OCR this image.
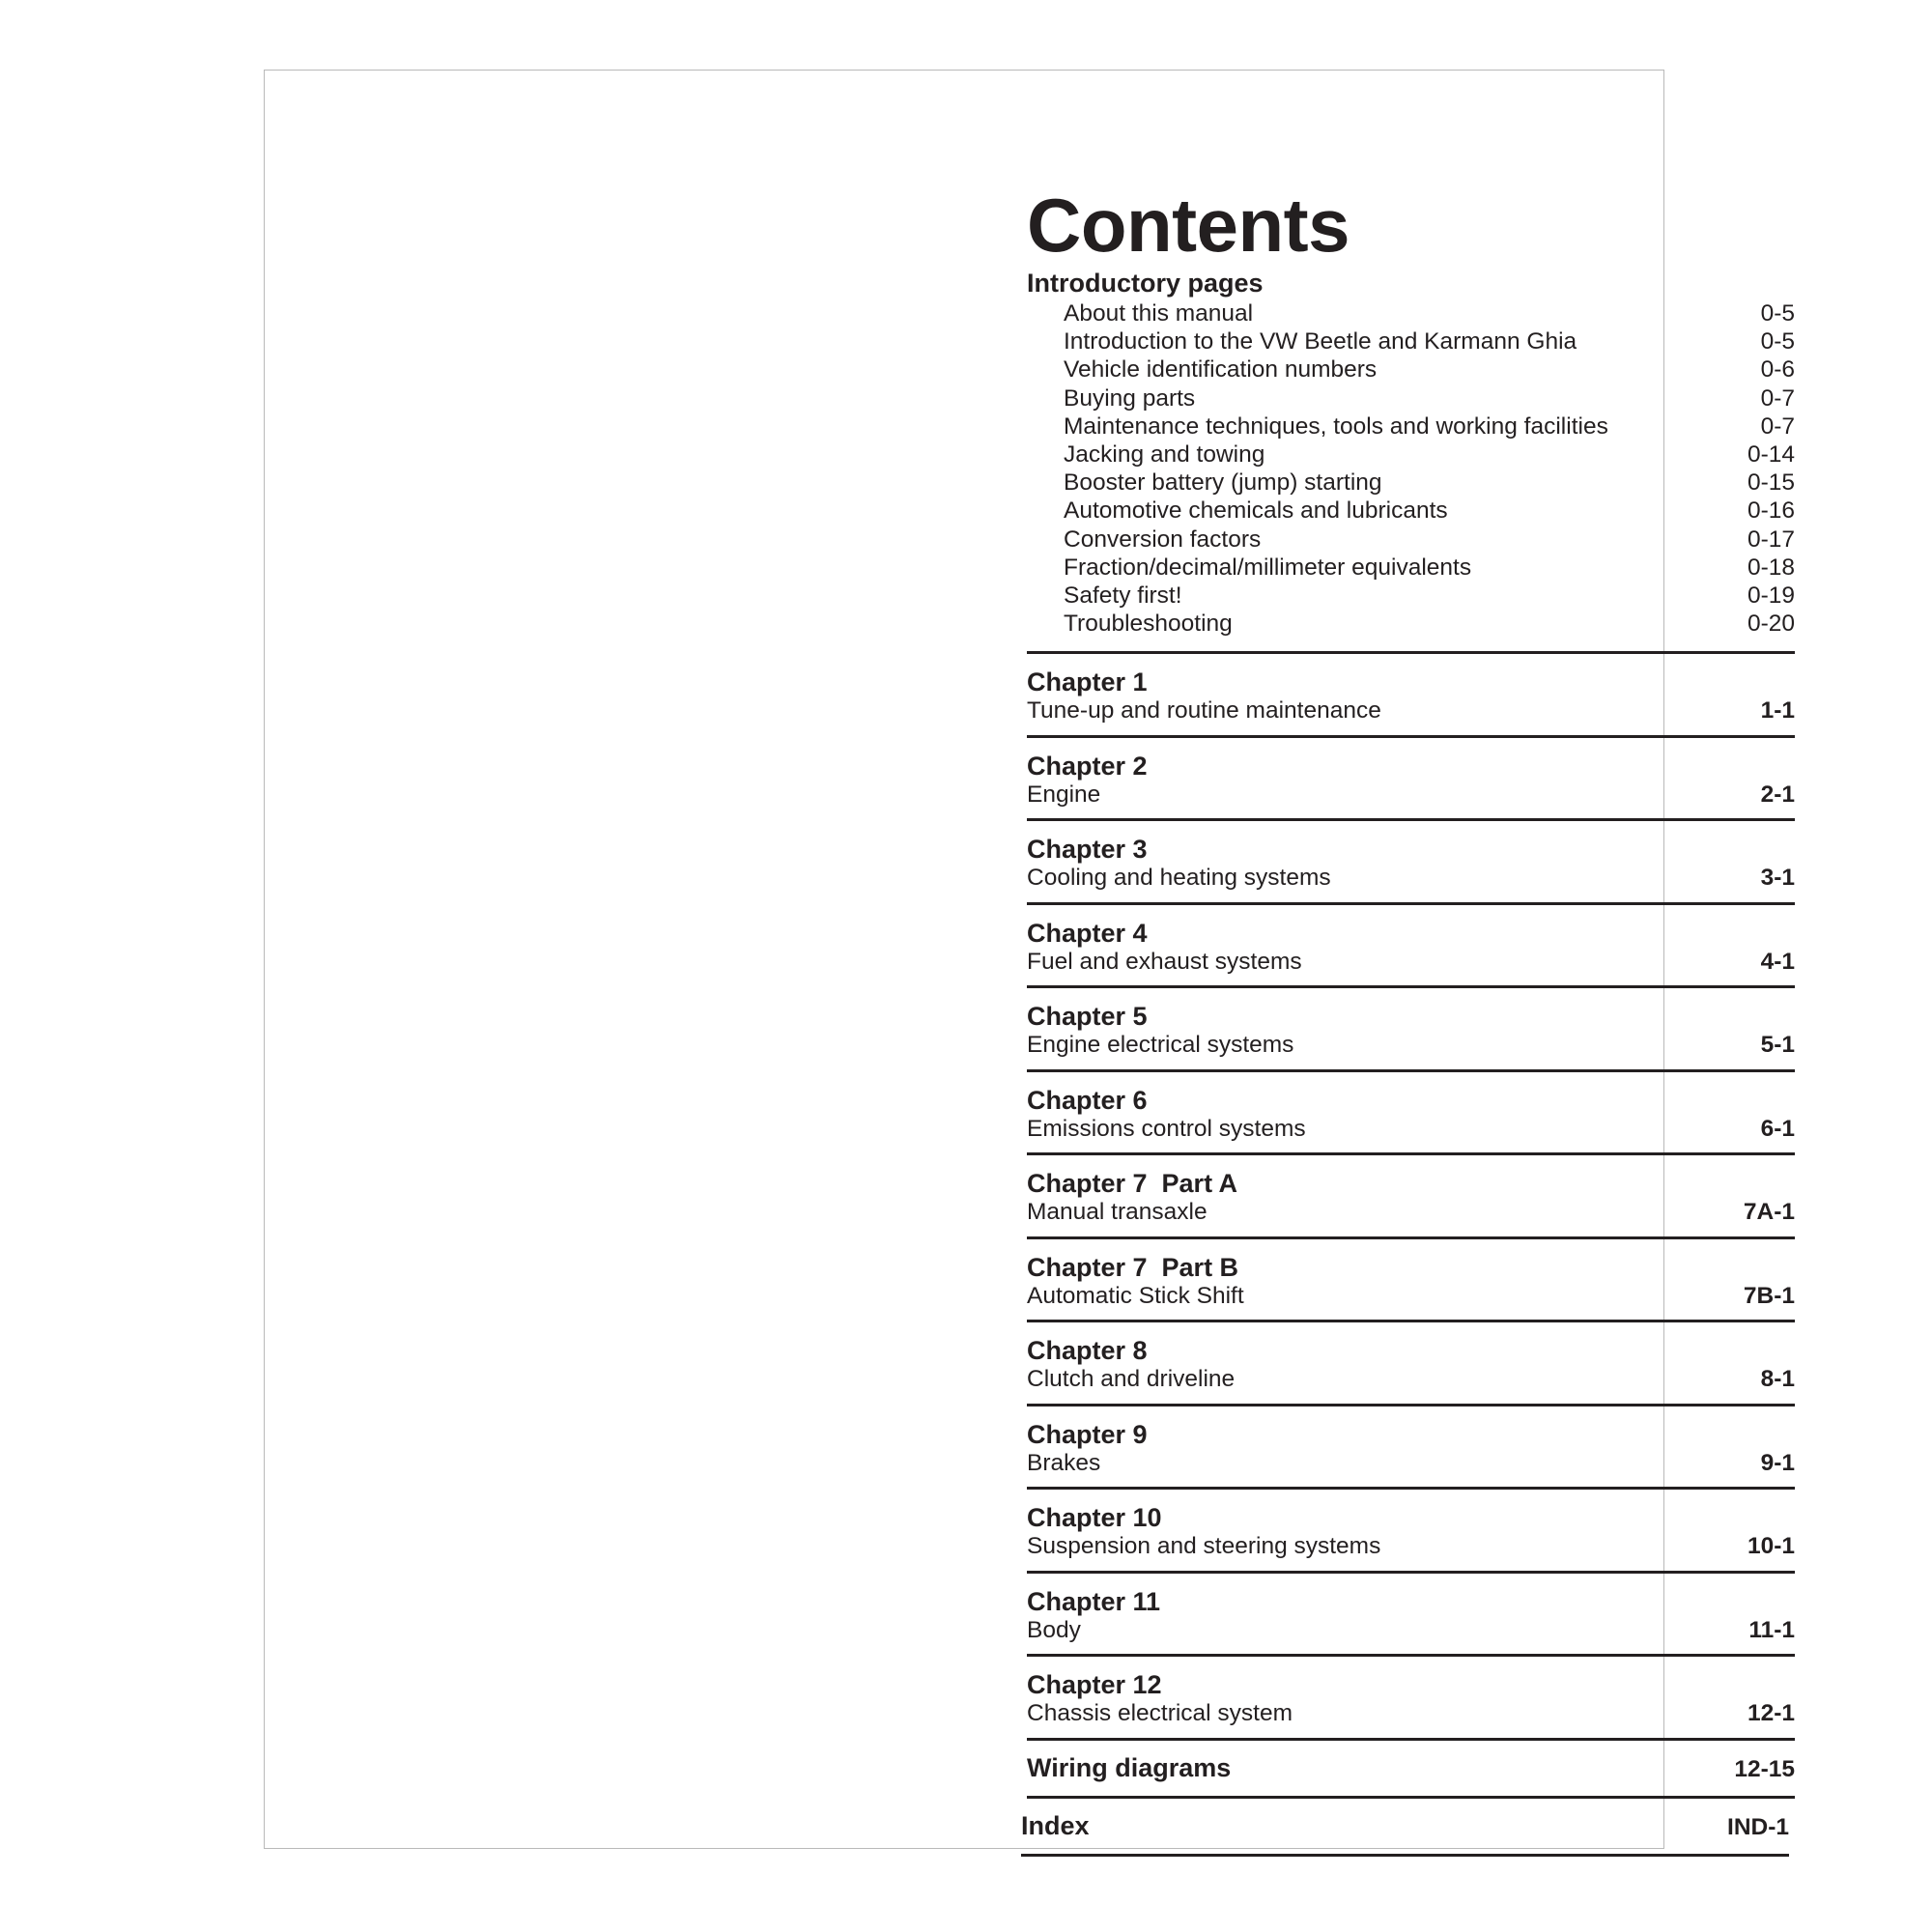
Contents
Introductory pages
About this manual	0-5
Introduction to the VW Beetle and Karmann Ghia	0-5
Vehicle identification numbers	0-6
Buying parts	0-7
Maintenance techniques, tools and working facilities	0-7
Jacking and towing	0-14
Booster battery (jump) starting	0-15
Automotive chemicals and lubricants	0-16
Conversion factors	0-17
Fraction/decimal/millimeter equivalents	0-18
Safety first!	0-19
Troubleshooting	0-20
Chapter 1
Tune-up and routine maintenance	1-1
Chapter 2
Engine	2-1
Chapter 3
Cooling and heating systems	3-1
Chapter 4
Fuel and exhaust systems	4-1
Chapter 5
Engine electrical systems	5-1
Chapter 6
Emissions control systems	6-1
Chapter 7  Part A
Manual transaxle	7A-1
Chapter 7  Part B
Automatic Stick Shift	7B-1
Chapter 8
Clutch and driveline	8-1
Chapter 9
Brakes	9-1
Chapter 10
Suspension and steering systems	10-1
Chapter 11
Body	11-1
Chapter 12
Chassis electrical system	12-1
Wiring diagrams	12-15
Index	IND-1
